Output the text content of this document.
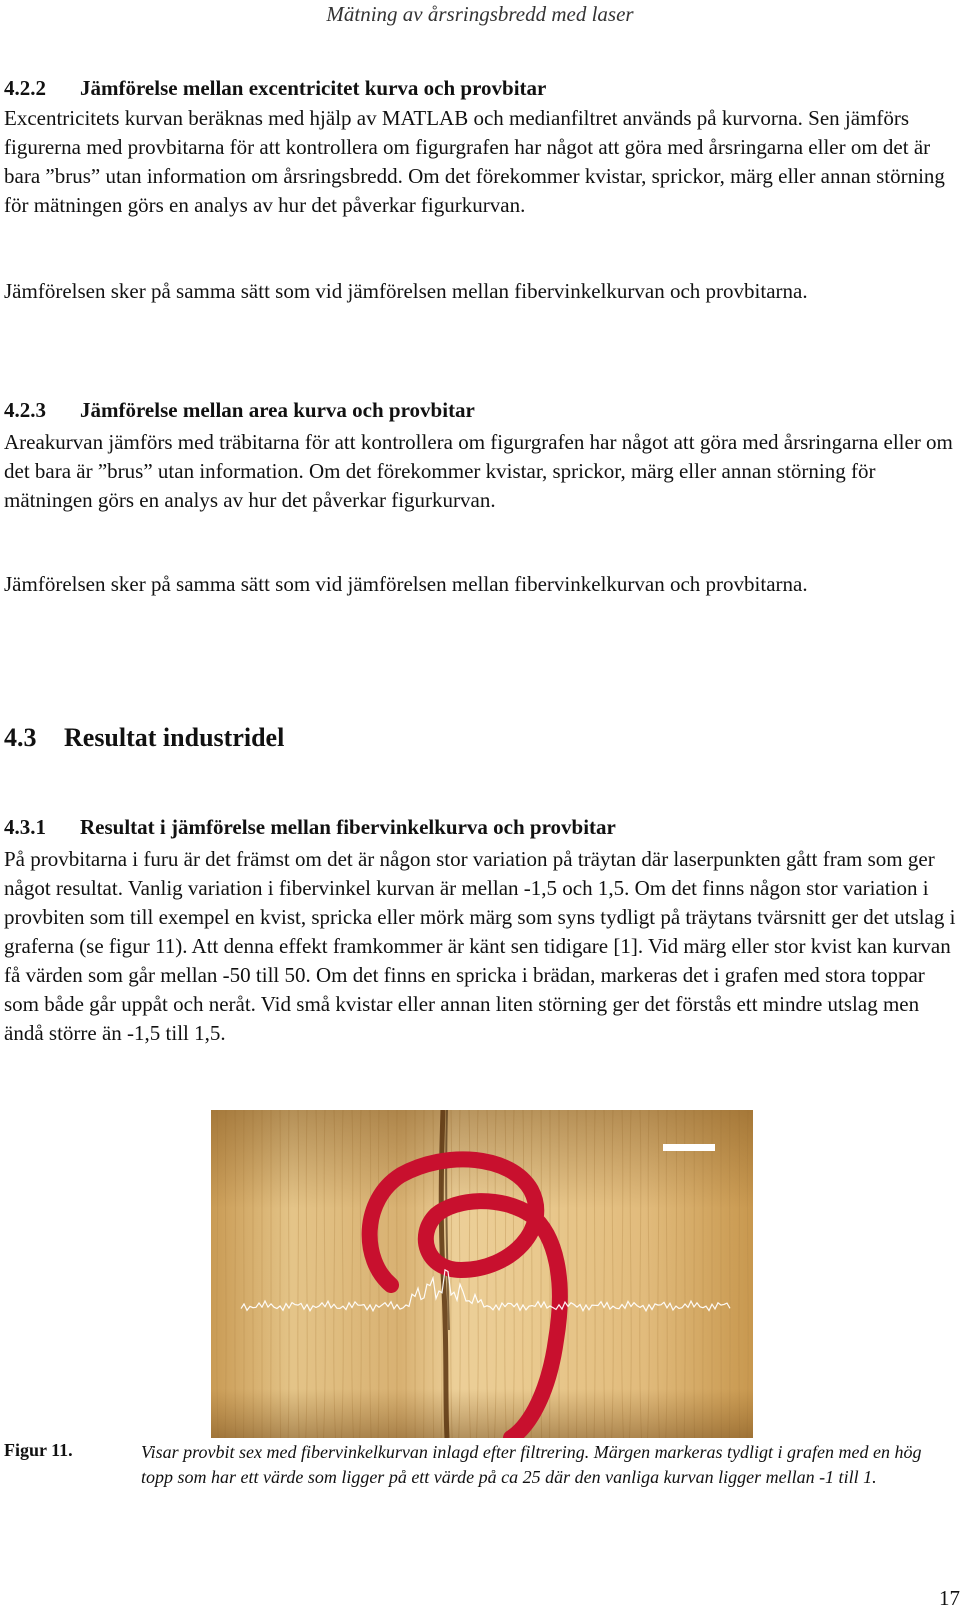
Mätning av årsringsbredd med laser
4.2.2 Jämförelse mellan excentricitet kurva och provbitar

Excentricitets kurvan beräknas med hjälp av MATLAB och medianfiltret används på kurvorna. Sen jämförs figurerna med provbitarna för att kontrollera om figurgrafen har något att göra med årsringarna eller om det är bara ”brus” utan information om årsringsbredd. Om det förekommer kvistar, sprickor, märg eller annan störning för mätningen görs en analys av hur det påverkar figurkurvan.

Jämförelsen sker på samma sätt som vid jämförelsen mellan fibervinkelkurvan och provbitarna.

4.2.3 Jämförelse mellan area kurva och provbitar

Areakurvan jämförs med träbitarna för att kontrollera om figurgrafen har något att göra med årsringarna eller om det bara är ”brus” utan information. Om det förekommer kvistar, sprickor, märg eller annan störning för mätningen görs en analys av hur det påverkar figurkurvan.

Jämförelsen sker på samma sätt som vid jämförelsen mellan fibervinkelkurvan och provbitarna.

4.3 Resultat industridel
4.3.1 Resultat i jämförelse mellan fibervinkelkurva och provbitar

På provbitarna i furu är det främst om det är någon stor variation på träytan där laserpunkten gått fram som ger något resultat. Vanlig variation i fibervinkel kurvan är mellan -1,5 och 1,5. Om det finns någon stor variation i provbiten som till exempel en kvist, spricka eller mörk märg som syns tydligt på träytans tvärsnitt ger det utslag i graferna (se figur 11). Att denna effekt framkommer är känt sen tidigare [1]. Vid märg eller stor kvist kan kurvan få värden som går mellan -50 till 50. Om det finns en spricka i brädan, markeras det i grafen med stora toppar som både går uppåt och neråt. Vid små kvistar eller annan liten störning ger det förstås ett mindre utslag men ändå större än -1,5 till 1,5.

Figur 11.	Visar provbit sex med fibervinkelkurvan inlagd efter filtrering. Märgen markeras tydligt i grafen med en hög topp som har ett värde som ligger på ett värde på ca 25 där den vanliga kurvan ligger mellan -1 till 1.

17
